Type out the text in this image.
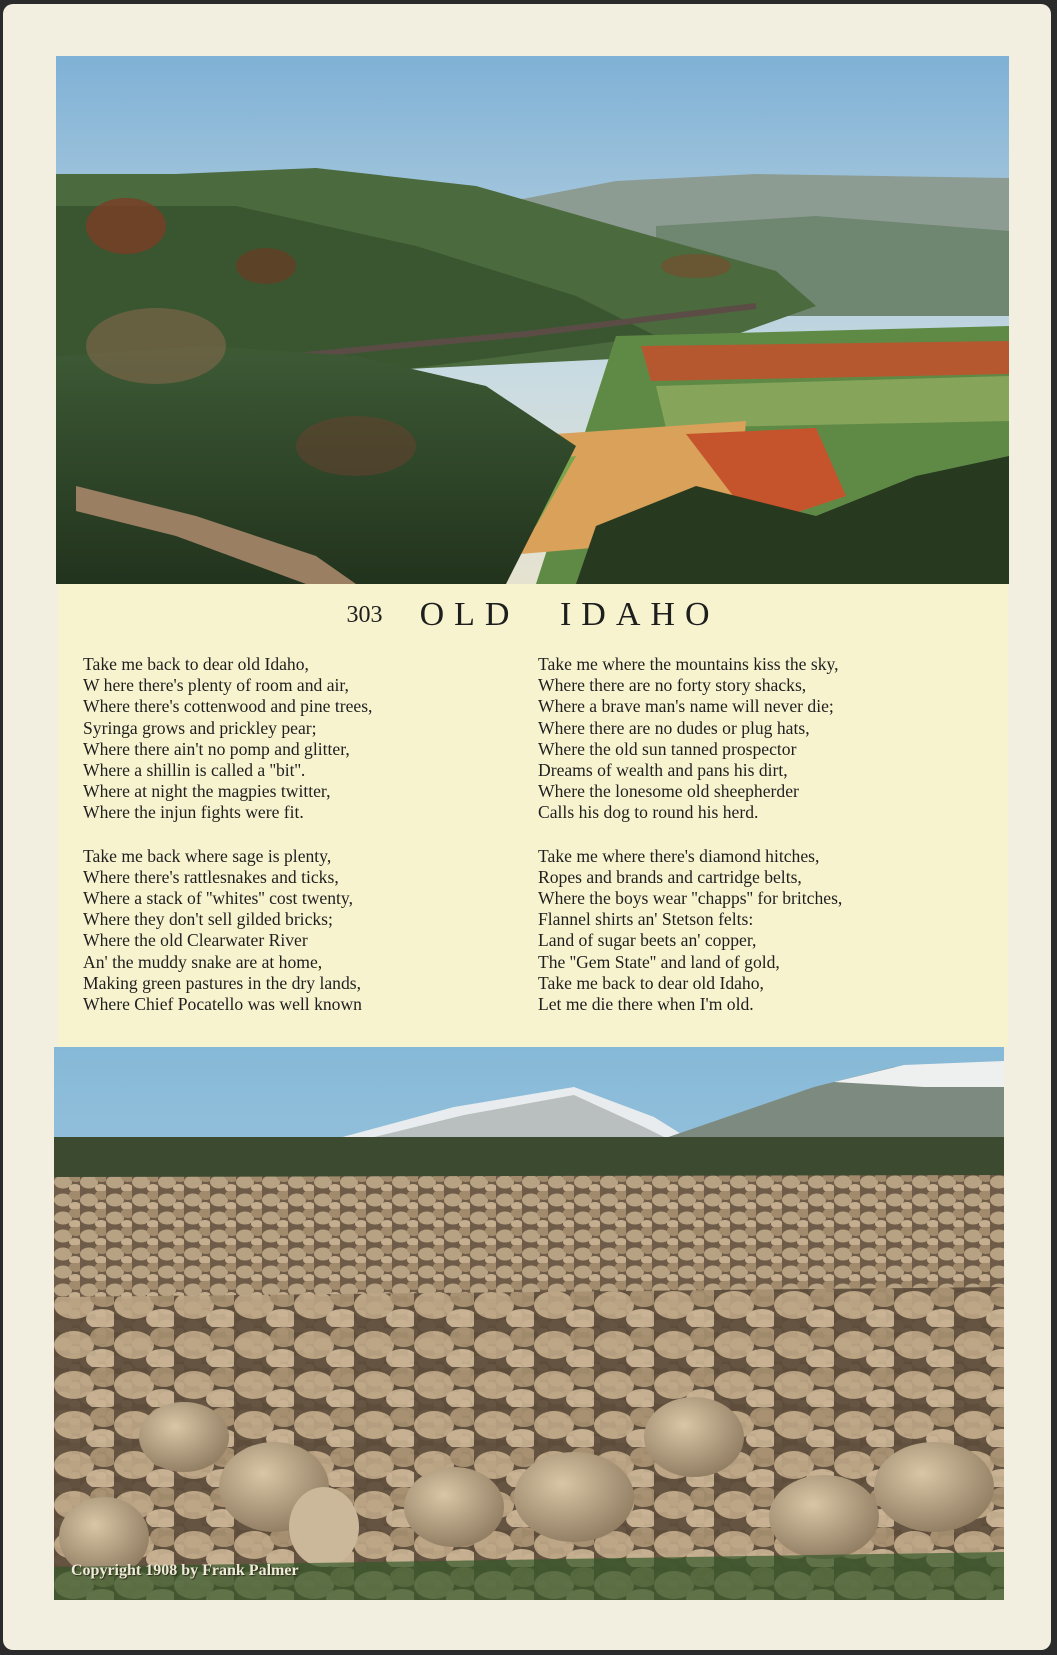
303 OLD IDAHO
Take me back to dear old Idaho,
W here there's plenty of room and air,
Where there's cottenwood and pine trees,
Syringa grows and prickley pear;
Where there ain't no pomp and glitter,
Where a shillin is called a ''bit''.
Where at night the magpies twitter,
Where the injun fights were fit.
Take me back where sage is plenty,
Where there's rattlesnakes and ticks,
Where a stack of ''whites'' cost twenty,
Where they don't sell gilded bricks;
Where the old Clearwater River
An' the muddy snake are at home,
Making green pastures in the dry lands,
Where Chief Pocatello was well known
Take me where the mountains kiss the sky,
Where there are no forty story shacks,
Where a brave man's name will never die;
Where there are no dudes or plug hats,
Where the old sun tanned prospector
Dreams of wealth and pans his dirt,
Where the lonesome old sheepherder
Calls his dog to round his herd.
Take me where there's diamond hitches,
Ropes and brands and cartridge belts,
Where the boys wear ''chapps'' for britches,
Flannel shirts an' Stetson felts:
Land of sugar beets an' copper,
The ''Gem State'' and land of gold,
Take me back to dear old Idaho,
Let me die there when I'm old.
Copyright 1908 by Frank Palmer
